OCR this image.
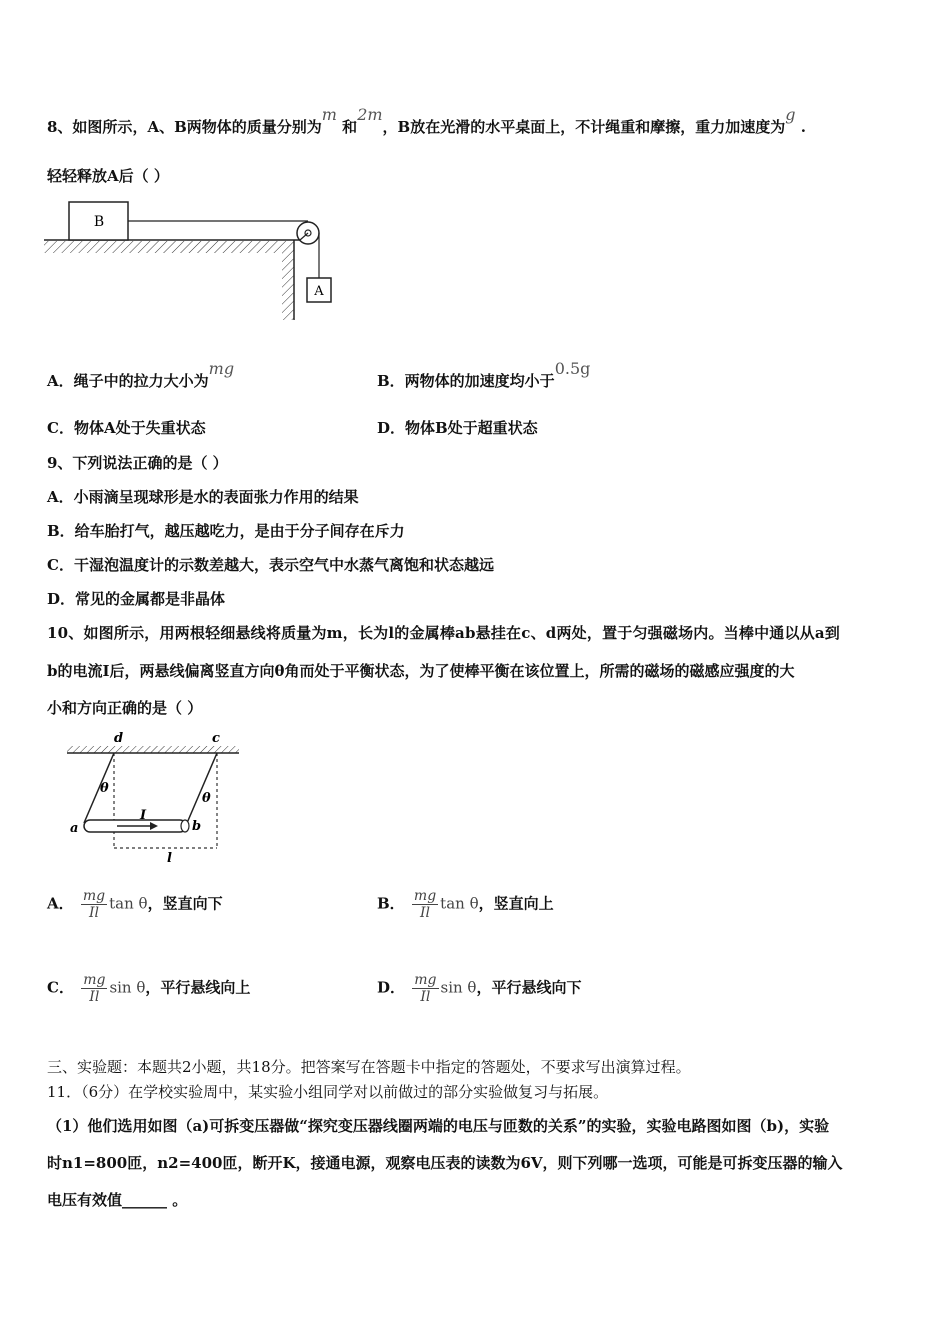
8、如图所示，A、B两物体的质量分别为m 和2m，B放在光滑的水平桌面上，不计绳重和摩擦，重力加速度为g .
轻轻释放A后（ ）
B
A
A．绳子中的拉力大小为mg
B．两物体的加速度均小于0.5g
C．物体A处于失重状态	D．物体B处于超重状态
9、下列说法正确的是（ ）
A．小雨滴呈现球形是水的表面张力作用的结果
B．给车胎打气，越压越吃力，是由于分子间存在斥力
C．干湿泡温度计的示数差越大，表示空气中水蒸气离饱和状态越远
D．常见的金属都是非晶体
10、如图所示，用两根轻细悬线将质量为m，长为l的金属棒ab悬挂在c、d两处，置于匀强磁场内。当棒中通以从a到
b的电流I后，两悬线偏离竖直方向θ角而处于平衡状态，为了使棒平衡在该位置上，所需的磁场的磁感应强度的大
小和方向正确的是（ ）
d	c
θ
θ
I
a	b
l
A． $\frac{mg}{Il}$ tan θ，竖直向下	B． $\frac{mg}{Il}$ tan θ，竖直向上
C． $\frac{mg}{Il}$ sin θ，平行悬线向上	D． $\frac{mg}{Il}$ sin θ，平行悬线向下
三、实验题：本题共2小题，共18分。把答案写在答题卡中指定的答题处，不要求写出演算过程。
11．（6分）在学校实验周中，某实验小组同学对以前做过的部分实验做复习与拓展。
（1）他们选用如图（a)可拆变压器做“探究变压器线圈两端的电压与匝数的关系”的实验，实验电路图如图（b)，实验
时n1=800匝，n2=400匝，断开K，接通电源，观察电压表的读数为6V，则下列哪一选项，可能是可拆变压器的输入
电压有效值______ 。
